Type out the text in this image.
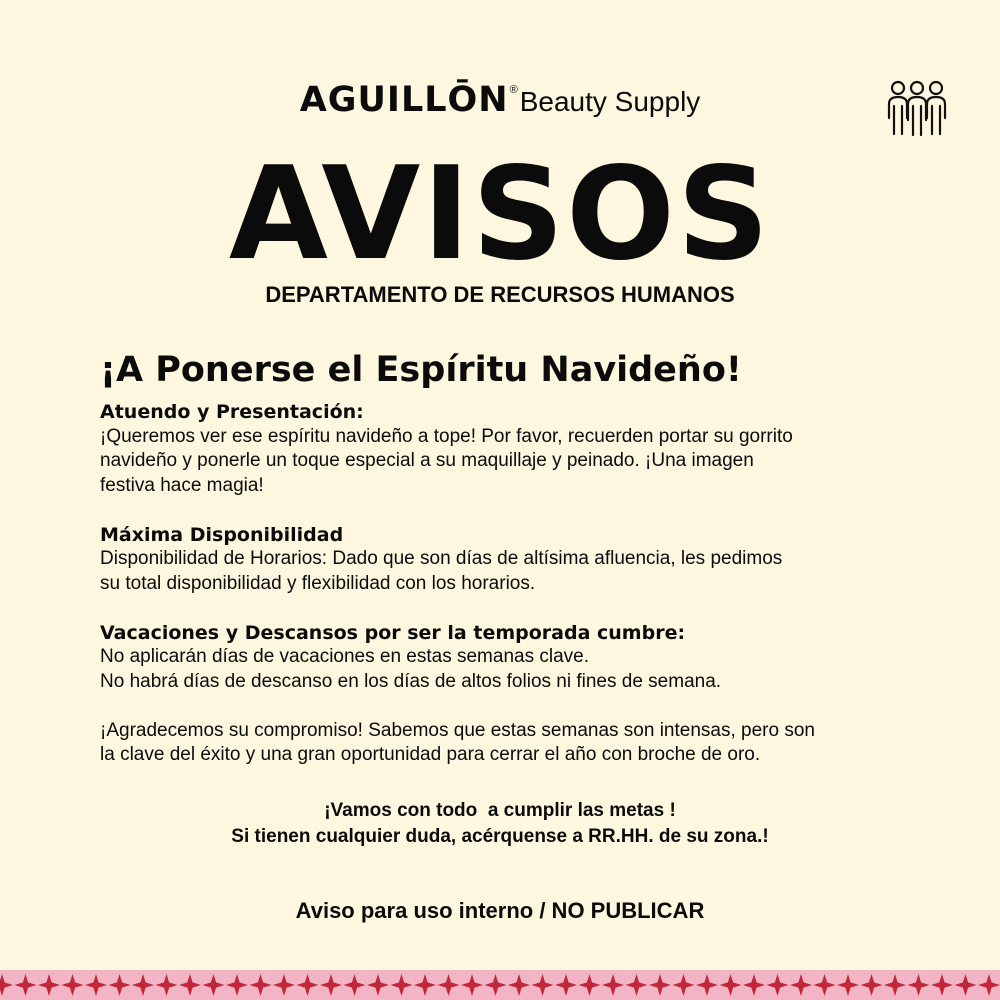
AGUILLŌN®Beauty Supply
AVISOS
DEPARTAMENTO DE RECURSOS HUMANOS
¡A Ponerse el Espíritu Navideño!
Atuendo y Presentación:
¡Queremos ver ese espíritu navideño a tope! Por favor, recuerden portar su gorrito
navideño y ponerle un toque especial a su maquillaje y peinado. ¡Una imagen
festiva hace magia!
Máxima Disponibilidad
Disponibilidad de Horarios: Dado que son días de altísima afluencia, les pedimos
su total disponibilidad y flexibilidad con los horarios.
Vacaciones y Descansos por ser la temporada cumbre:
No aplicarán días de vacaciones en estas semanas clave.
No habrá días de descanso en los días de altos folios ni fines de semana.
¡Agradecemos su compromiso! Sabemos que estas semanas son intensas, pero son
la clave del éxito y una gran oportunidad para cerrar el año con broche de oro.
¡Vamos con todo  a cumplir las metas !
Si tienen cualquier duda, acérquense a RR.HH. de su zona.!
Aviso para uso interno / NO PUBLICAR
